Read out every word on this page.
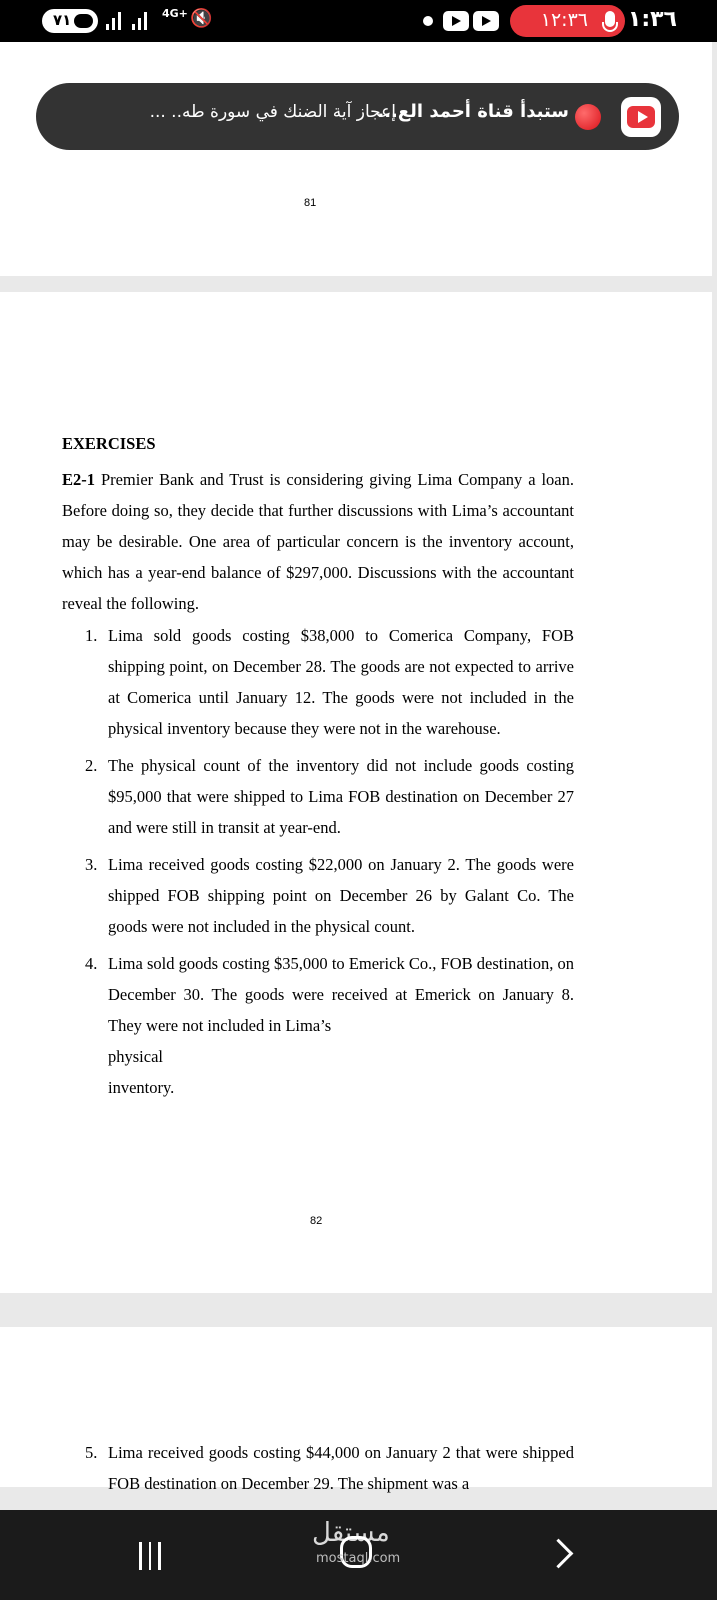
٧١	4G+ 🔇	١٢:٣٦ ١:٣٦
81
ستبدأ قناة أحمد الع...
إعجاز آية الضنك في سورة طه.. ...
EXERCISES
E2-1 Premier Bank and Trust is considering giving Lima Company a loan. Before doing so, they decide that further discussions with Lima’s accountant may be desirable. One area of particular concern is the inventory account, which has a year-end balance of $297,000. Discussions with the accountant reveal the following.
1. Lima sold goods costing $38,000 to Comerica Company, FOB shipping point, on December 28. The goods are not expected to arrive at Comerica until January 12. The goods were not included in the physical inventory because they were not in the warehouse.
2. The physical count of the inventory did not include goods costing $95,000 that were shipped to Lima FOB destination on December 27 and were still in transit at year-end.
3. Lima received goods costing $22,000 on January 2. The goods were shipped FOB shipping point on December 26 by Galant Co. The goods were not included in the physical count.
4. Lima sold goods costing $35,000 to Emerick Co., FOB destination, on December 30. The goods were received at Emerick on January 8. They were not included in Lima’s
physical
inventory.
82
5. Lima received goods costing $44,000 on January 2 that were shipped FOB destination on December 29. The shipment was a
مستقل
mostaql.com
